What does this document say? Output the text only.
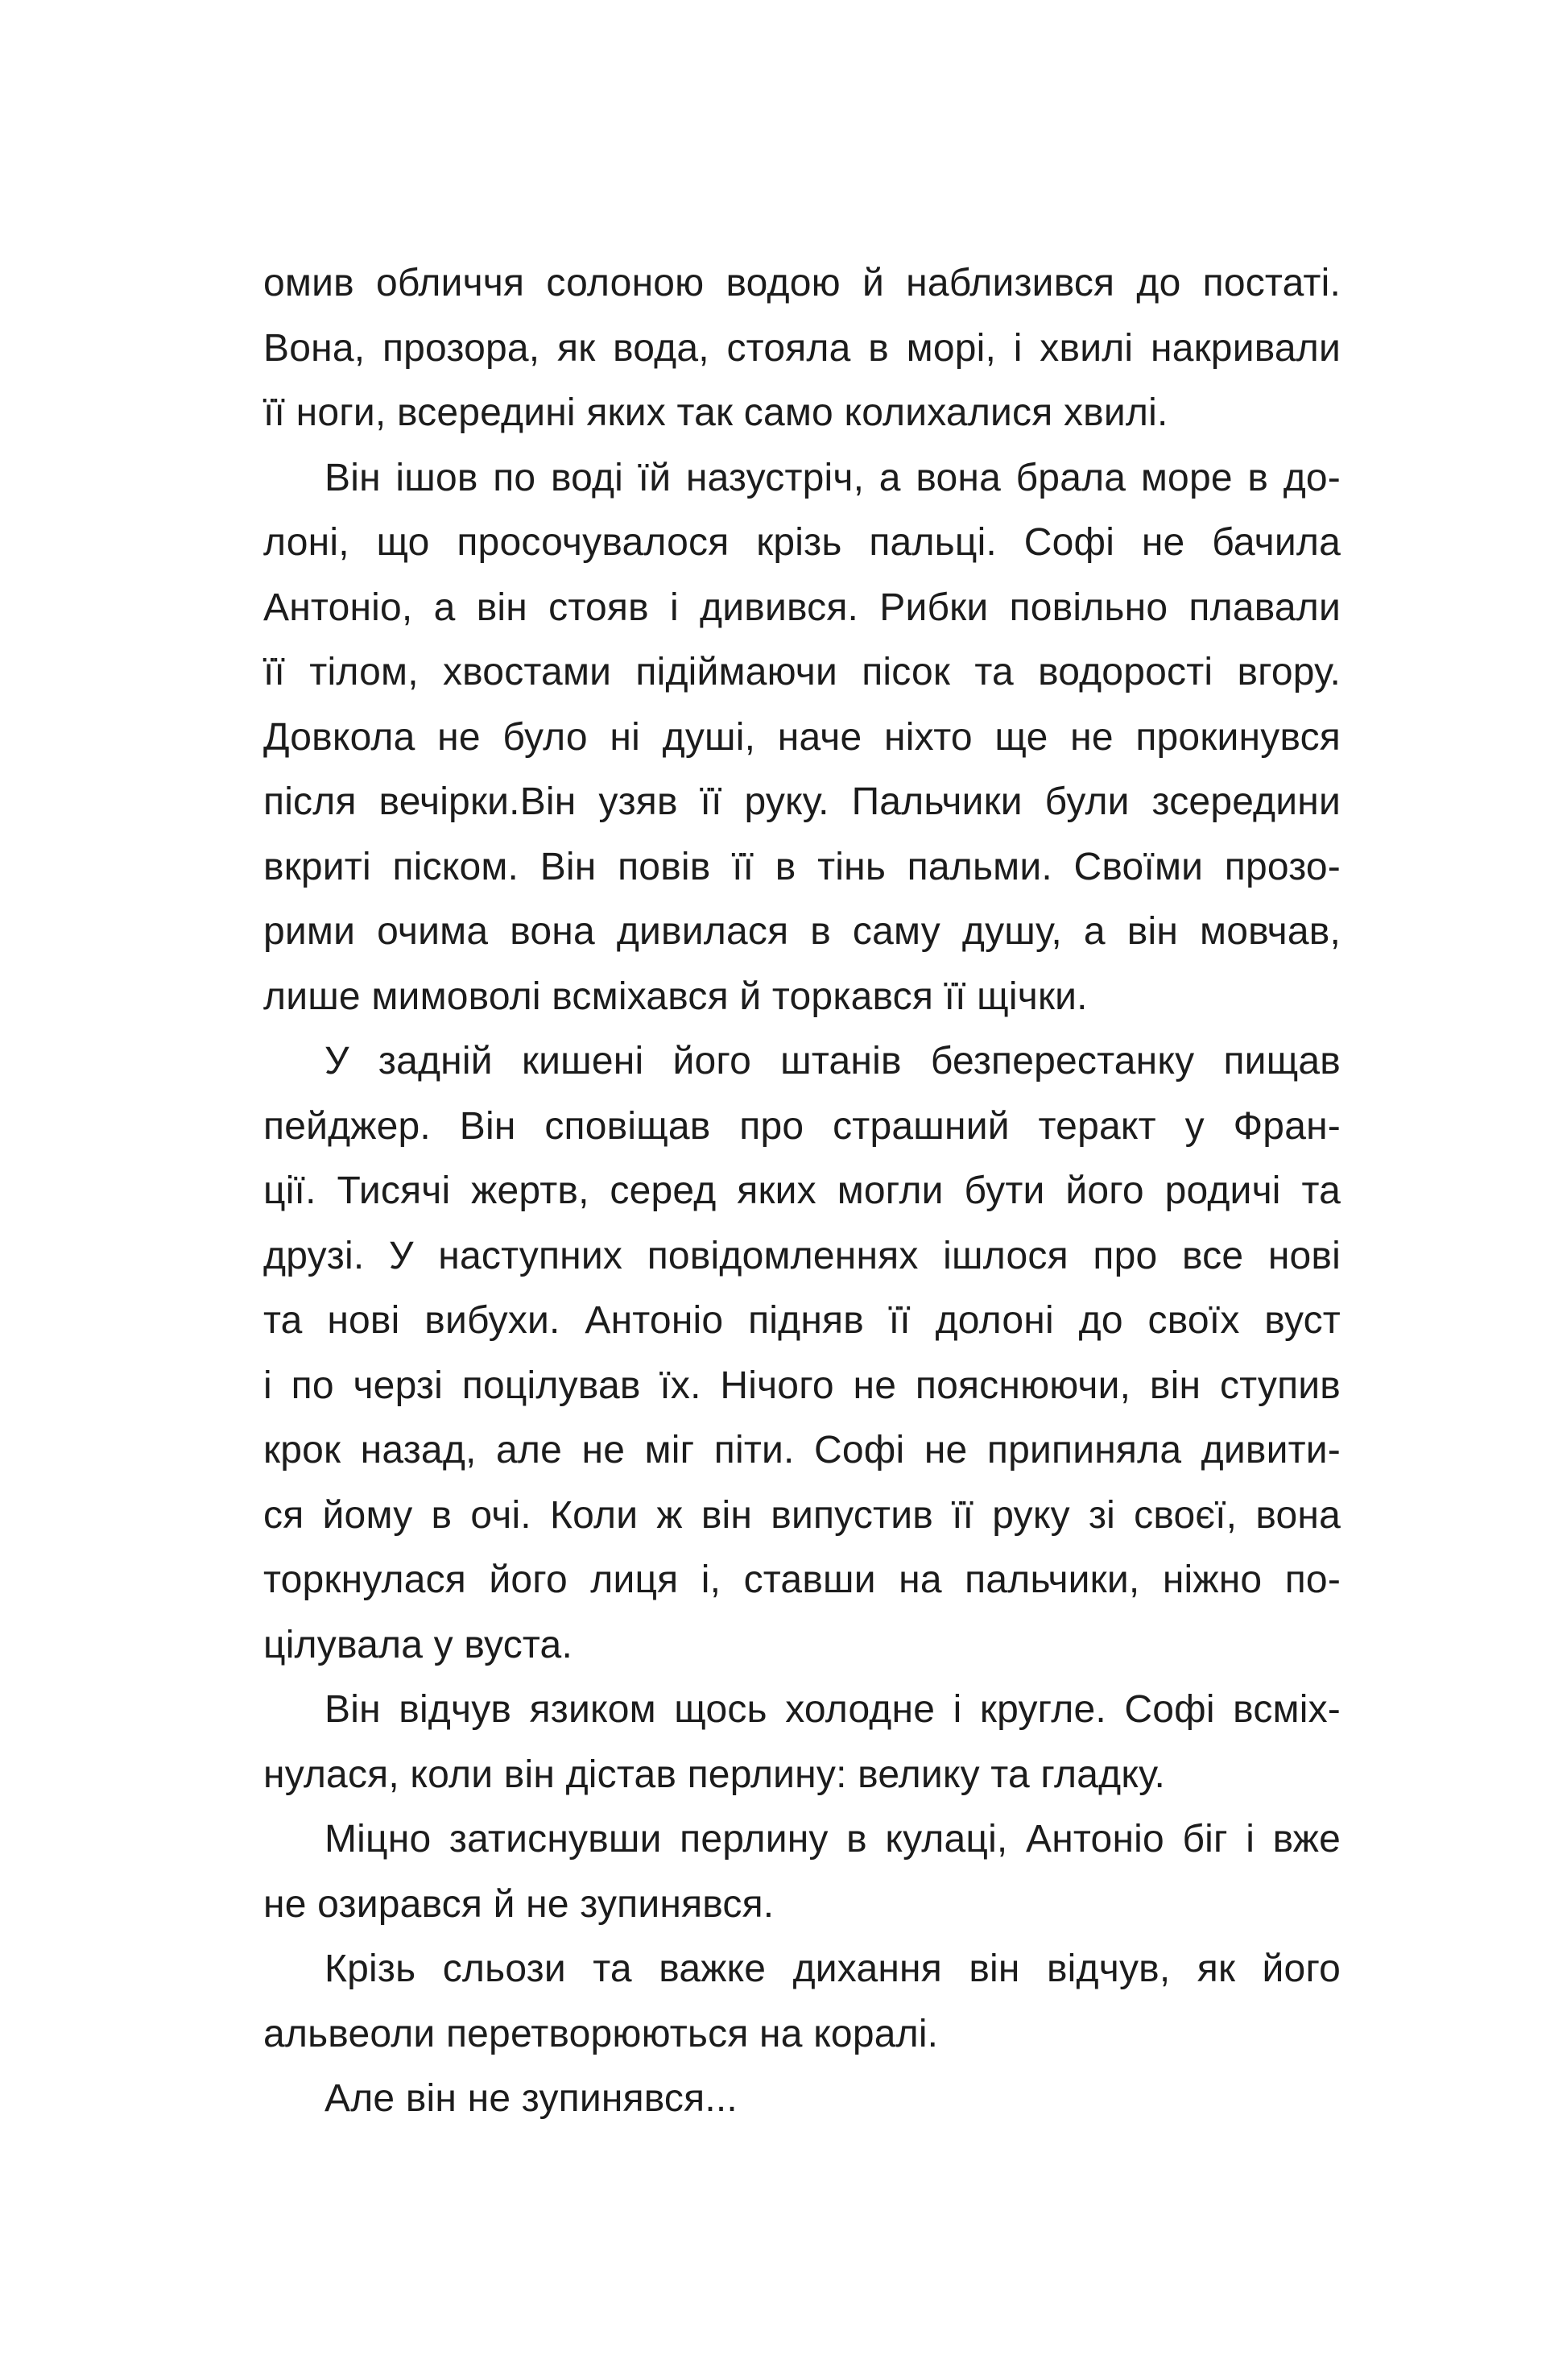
омив обличчя солоною водою й наблизився до постаті.
Вона, прозора, як вода, стояла в морі, і хвилі накривали
її ноги, всередині яких так само колихалися хвилі.
Він ішов по воді їй назустріч, а вона брала море в до-
лоні, що просочувалося крізь пальці. Софі не бачила
Антоніо, а він стояв і дивився. Рибки повільно плавали
її тілом, хвостами підіймаючи пісок та водорості вгору.
Довкола не було ні душі, наче ніхто ще не прокинувся
після вечірки.Він узяв її руку. Пальчики були зсередини
вкриті піском. Він повів її в тінь пальми. Своїми прозо-
рими очима вона дивилася в саму душу, а він мовчав,
лише мимоволі всміхався й торкався її щічки.
У задній кишені його штанів безперестанку пищав
пейджер. Він сповіщав про страшний теракт у Фран-
ції. Тисячі жертв, серед яких могли бути його родичі та
друзі. У наступних повідомленнях ішлося про все нові
та нові вибухи. Антоніо підняв її долоні до своїх вуст
і по черзі поцілував їх. Нічого не пояснюючи, він ступив
крок назад, але не міг піти. Софі не припиняла дивити-
ся йому в очі. Коли ж він випустив її руку зі своєї, вона
торкнулася його лиця і, ставши на пальчики, ніжно по-
цілувала у вуста.
Він відчув язиком щось холодне і кругле. Софі всміх-
нулася, коли він дістав перлину: велику та гладку.
Міцно затиснувши перлину в кулаці, Антоніо біг і вже
не озирався й не зупинявся.
Крізь сльози та важке дихання він відчув, як його
альвеоли перетворюються на коралі.
Але він не зупинявся...
